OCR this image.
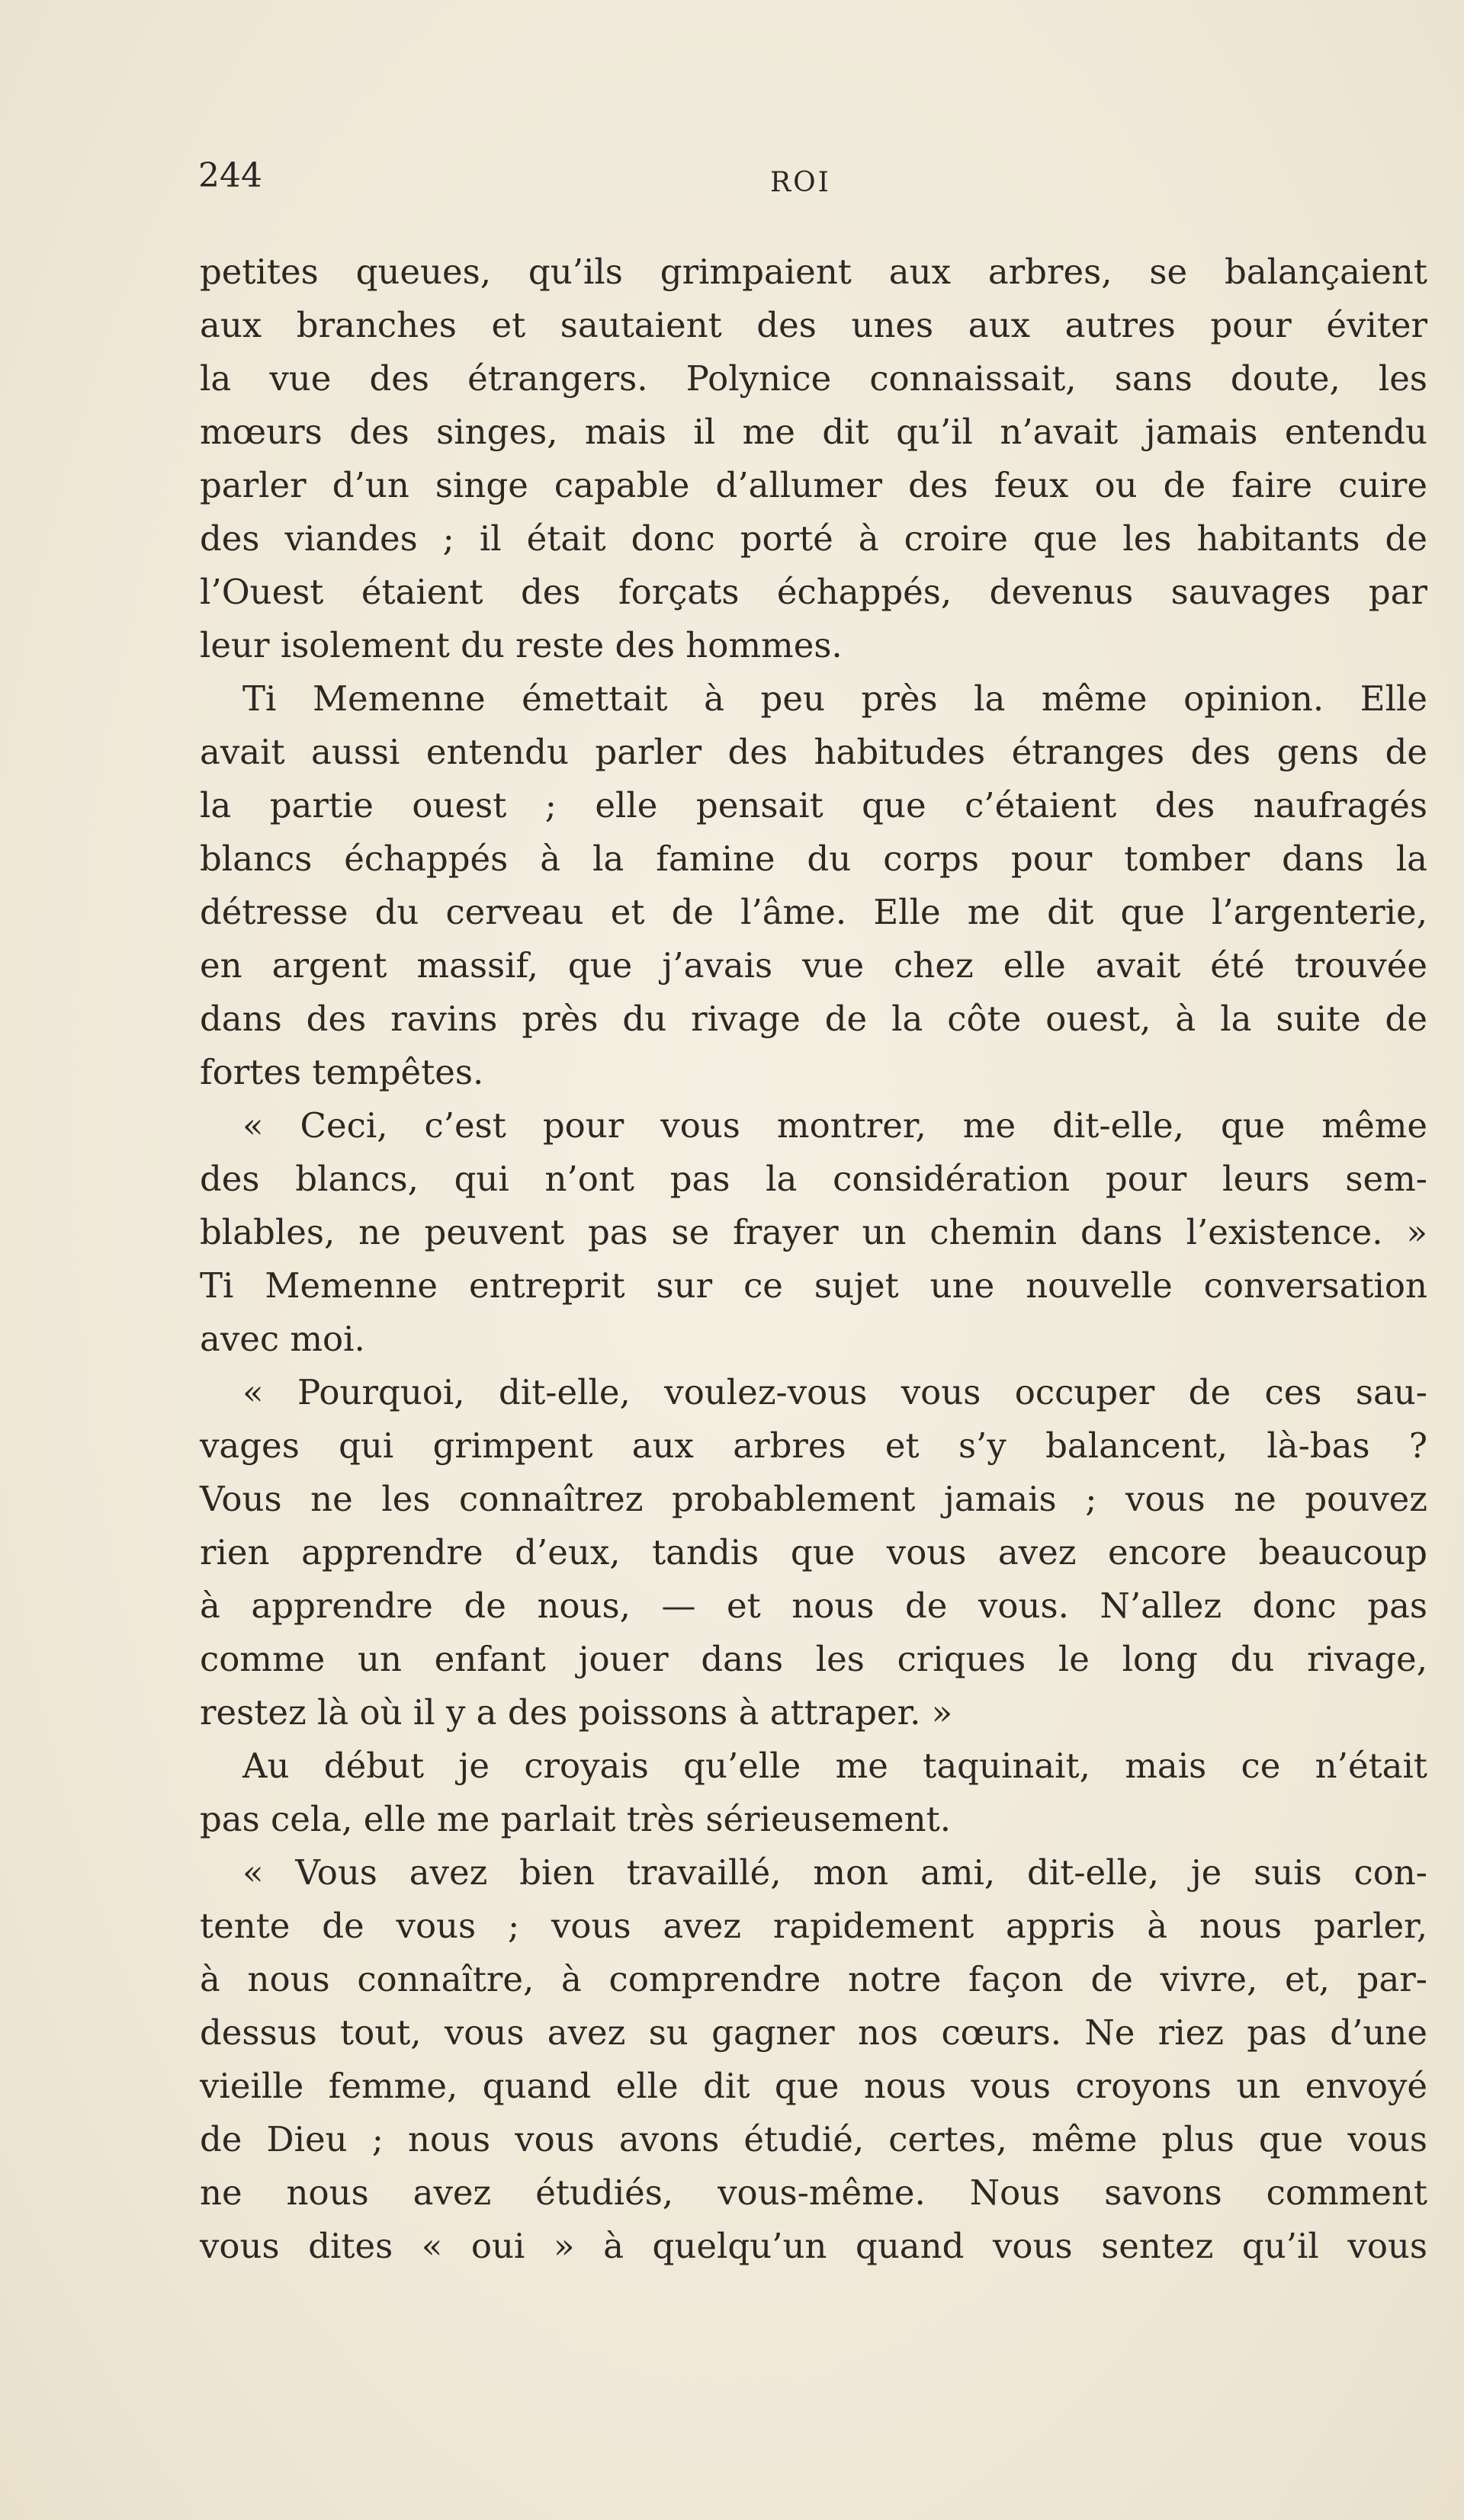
244	ROI
petites queues, qu’ils grimpaient aux arbres, se balançaient
aux branches et sautaient des unes aux autres pour éviter
la vue des étrangers. Polynice connaissait, sans doute, les
mœurs des singes, mais il me dit qu’il n’avait jamais entendu
parler d’un singe capable d’allumer des feux ou de faire cuire
des viandes ; il était donc porté à croire que les habitants de
l’Ouest étaient des forçats échappés, devenus sauvages par
leur isolement du reste des hommes.
Ti Memenne émettait à peu près la même opinion. Elle
avait aussi entendu parler des habitudes étranges des gens de
la partie ouest ; elle pensait que c’étaient des naufragés
blancs échappés à la famine du corps pour tomber dans la
détresse du cerveau et de l’âme. Elle me dit que l’argenterie,
en argent massif, que j’avais vue chez elle avait été trouvée
dans des ravins près du rivage de la côte ouest, à la suite de
fortes tempêtes.
« Ceci, c’est pour vous montrer, me dit-elle, que même
des blancs, qui n’ont pas la considération pour leurs sem-
blables, ne peuvent pas se frayer un chemin dans l’existence. »
Ti Memenne entreprit sur ce sujet une nouvelle conversation
avec moi.
« Pourquoi, dit-elle, voulez-vous vous occuper de ces sau-
vages qui grimpent aux arbres et s’y balancent, là-bas ?
Vous ne les connaîtrez probablement jamais ; vous ne pouvez
rien apprendre d’eux, tandis que vous avez encore beaucoup
à apprendre de nous, — et nous de vous. N’allez donc pas
comme un enfant jouer dans les criques le long du rivage,
restez là où il y a des poissons à attraper. »
Au début je croyais qu’elle me taquinait, mais ce n’était
pas cela, elle me parlait très sérieusement.
« Vous avez bien travaillé, mon ami, dit-elle, je suis con-
tente de vous ; vous avez rapidement appris à nous parler,
à nous connaître, à comprendre notre façon de vivre, et, par-
dessus tout, vous avez su gagner nos cœurs. Ne riez pas d’une
vieille femme, quand elle dit que nous vous croyons un envoyé
de Dieu ; nous vous avons étudié, certes, même plus que vous
ne nous avez étudiés, vous-même. Nous savons comment
vous dites « oui » à quelqu’un quand vous sentez qu’il vous
